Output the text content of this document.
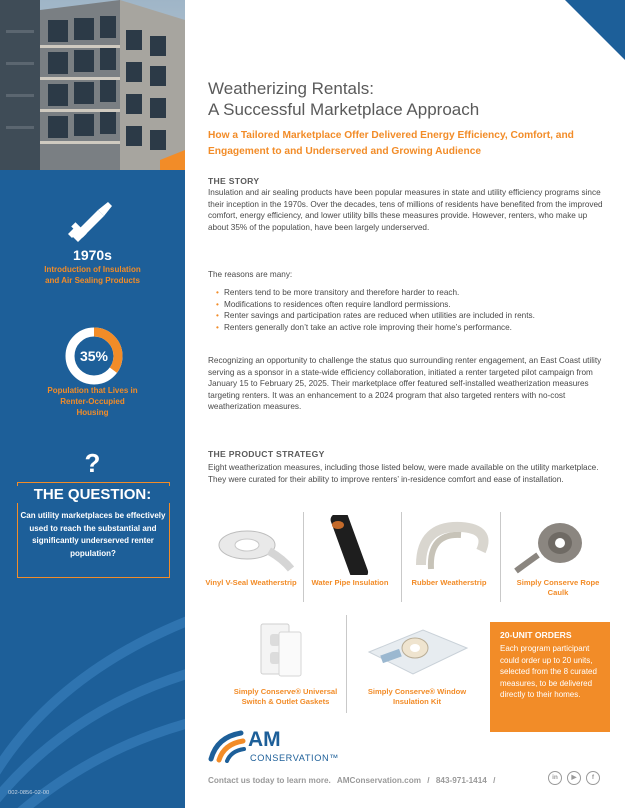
1970s
Introduction of Insulation and Air Sealing Products
35%
Population that Lives in Renter-Occupied Housing
?
THE QUESTION:
Can utility marketplaces be effectively used to reach the substantial and significantly underserved renter population?
002-0856-02-00
Weatherizing Rentals:
A Successful Marketplace Approach
How a Tailored Marketplace Offer Delivered Energy Efficiency, Comfort, and Engagement to and Underserved and Growing Audience
THE STORY
Insulation and air sealing products have been popular measures in state and utility efficiency programs since their inception in the 1970s. Over the decades, tens of millions of residents have benefited from the improved comfort, energy efficiency, and lower utility bills these measures provide. However, renters, who make up about 35% of the population, have been largely underserved.
The reasons are many:
• Renters tend to be more transitory and therefore harder to reach.
• Modifications to residences often require landlord permissions.
• Renter savings and participation rates are reduced when utilities are included in rents.
• Renters generally don’t take an active role improving their home’s performance.
Recognizing an opportunity to challenge the status quo surrounding renter engagement, an East Coast utility serving as a sponsor in a state-wide efficiency collaboration, initiated a renter targeted pilot campaign from January 15 to February 25, 2025. Their marketplace offer featured self-installed weatherization measures targeting renters. It was an enhancement to a 2024 program that also targeted renters with no-cost weatherization measures.
THE PRODUCT STRATEGY
Eight weatherization measures, including those listed below, were made available on the utility marketplace. They were curated for their ability to improve renters’ in-residence comfort and ease of installation.
Vinyl V-Seal Weatherstrip	Water Pipe Insulation	Rubber Weatherstrip	Simply Conserve Rope Caulk
Simply Conserve® Universal Switch & Outlet Gaskets
Simply Conserve® Window Insulation Kit
20-UNIT ORDERS
Each program participant could order up to 20 units, selected from the 8 curated measures, to be delivered directly to their homes.
AM
CONSERVATION™
Contact us today to learn more. AMConservation.com / 843-971-1414 /	in	▶	f
